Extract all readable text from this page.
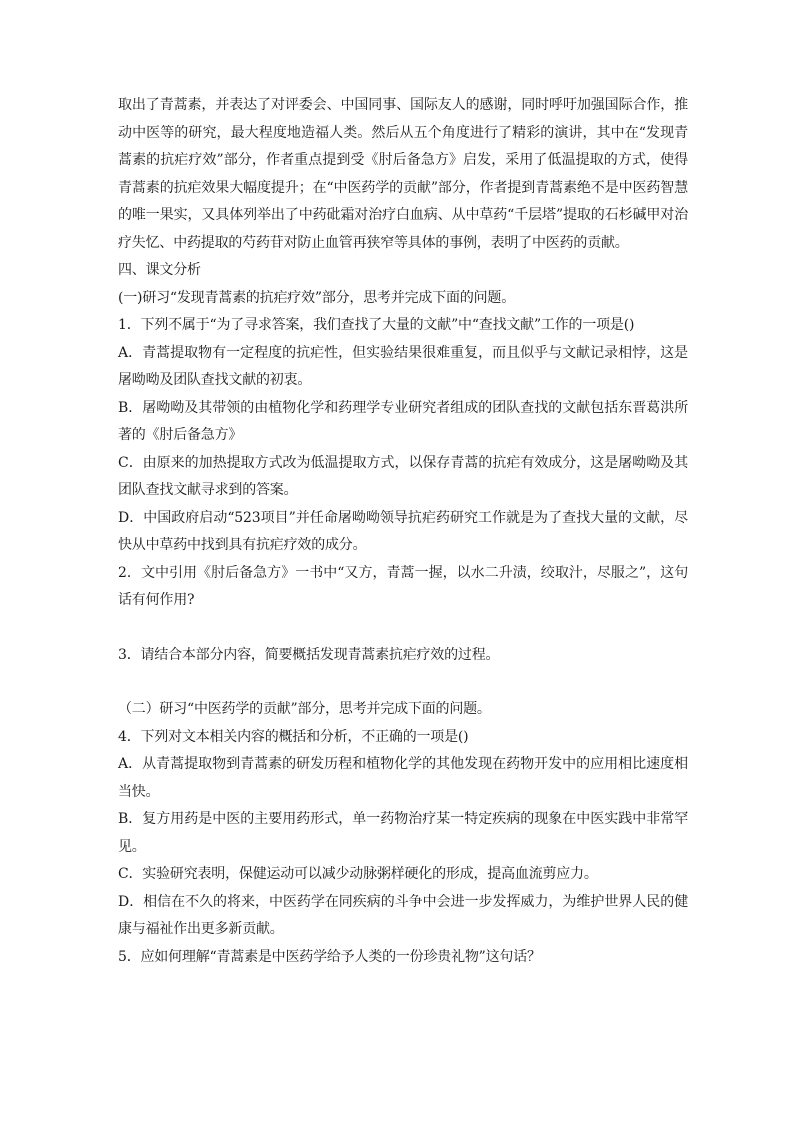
取出了青蒿素，并表达了对评委会、中国同事、国际友人的感谢，同时呼吁加强国际合作，推动中医等的研究，最大程度地造福人类。然后从五个角度进行了精彩的演讲，其中在“发现青蒿素的抗疟疗效”部分，作者重点提到受《肘后备急方》启发，采用了低温提取的方式，使得青蒿素的抗疟效果大幅度提升；在“中医药学的贡献”部分，作者提到青蒿素绝不是中医药智慧的唯一果实，又具体列举出了中药砒霜对治疗白血病、从中草药“千层塔”提取的石杉碱甲对治疗失忆、中药提取的芍药苷对防止血管再狭窄等具体的事例，表明了中医药的贡献。

四、课文分析

(一)研习“发现青蒿素的抗疟疗效”部分，思考并完成下面的问题。

1．下列不属于“为了寻求答案，我们查找了大量的文献”中“查找文献”工作的一项是()

A．青蒿提取物有一定程度的抗疟性，但实验结果很难重复，而且似乎与文献记录相悖，这是屠呦呦及团队查找文献的初衷。

B．屠呦呦及其带领的由植物化学和药理学专业研究者组成的团队查找的文献包括东晋葛洪所著的《肘后备急方》

C．由原来的加热提取方式改为低温提取方式，以保存青蒿的抗疟有效成分，这是屠呦呦及其团队查找文献寻求到的答案。

D．中国政府启动“523项目”并任命屠呦呦领导抗疟药研究工作就是为了查找大量的文献，尽快从中草药中找到具有抗疟疗效的成分。

2．文中引用《肘后备急方》一书中“又方，青蒿一握，以水二升渍，绞取汁，尽服之”，这句话有何作用?

3．请结合本部分内容，简要概括发现青蒿素抗疟疗效的过程。

（二）研习“中医药学的贡献”部分，思考并完成下面的问题。

4．下列对文本相关内容的概括和分析，不正确的一项是()

A．从青蒿提取物到青蒿素的研发历程和植物化学的其他发现在药物开发中的应用相比速度相当快。

B．复方用药是中医的主要用药形式，单一药物治疗某一特定疾病的现象在中医实践中非常罕见。

C．实验研究表明，保健运动可以减少动脉粥样硬化的形成，提高血流剪应力。

D．相信在不久的将来，中医药学在同疾病的斗争中会进一步发挥威力，为维护世界人民的健康与福祉作出更多新贡献。

5．应如何理解“青蒿素是中医药学给予人类的一份珍贵礼物”这句话？
